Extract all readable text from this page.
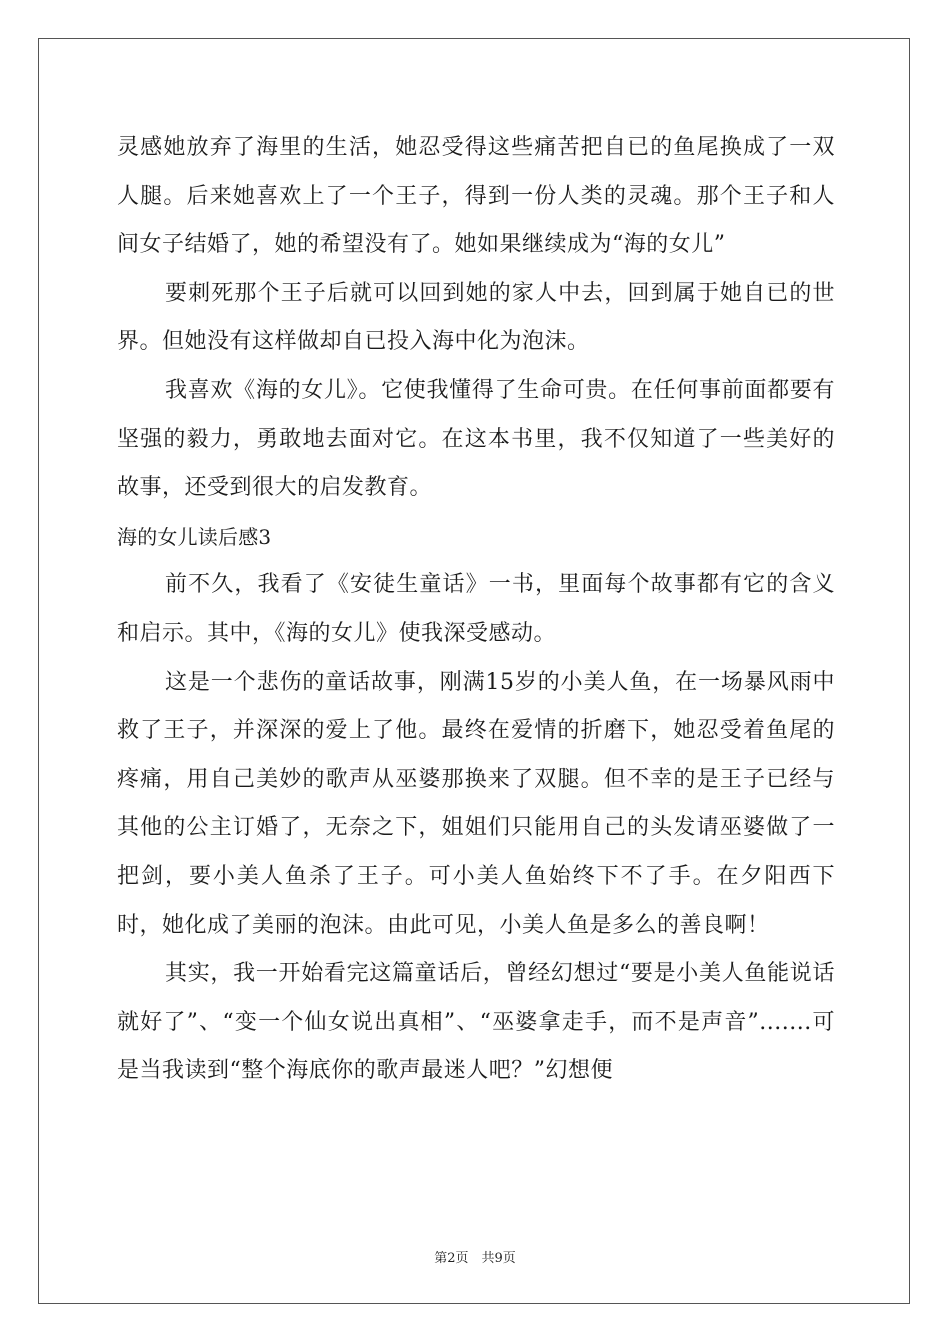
灵感她放弃了海里的生活，她忍受得这些痛苦把自已的鱼尾换成了一双人腿。后来她喜欢上了一个王子，得到一份人类的灵魂。那个王子和人间女子结婚了，她的希望没有了。她如果继续成为“海的女儿”

要刺死那个王子后就可以回到她的家人中去，回到属于她自已的世界。但她没有这样做却自已投入海中化为泡沫。

我喜欢《海的女儿》。它使我懂得了生命可贵。在任何事前面都要有坚强的毅力，勇敢地去面对它。在这本书里，我不仅知道了一些美好的故事，还受到很大的启发教育。

海的女儿读后感3

前不久，我看了《安徒生童话》一书，里面每个故事都有它的含义和启示。其中，《海的女儿》使我深受感动。

这是一个悲伤的童话故事，刚满15岁的小美人鱼，在一场暴风雨中救了王子，并深深的爱上了他。最终在爱情的折磨下，她忍受着鱼尾的疼痛，用自己美妙的歌声从巫婆那换来了双腿。但不幸的是王子已经与其他的公主订婚了，无奈之下，姐姐们只能用自己的头发请巫婆做了一把剑，要小美人鱼杀了王子。可小美人鱼始终下不了手。在夕阳西下时，她化成了美丽的泡沫。由此可见，小美人鱼是多么的善良啊！

其实，我一开始看完这篇童话后，曾经幻想过“要是小美人鱼能说话就好了”、“变一个仙女说出真相”、“巫婆拿走手，而不是声音”.......可是当我读到“整个海底你的歌声最迷人吧？”幻想便

第2页　共9页
